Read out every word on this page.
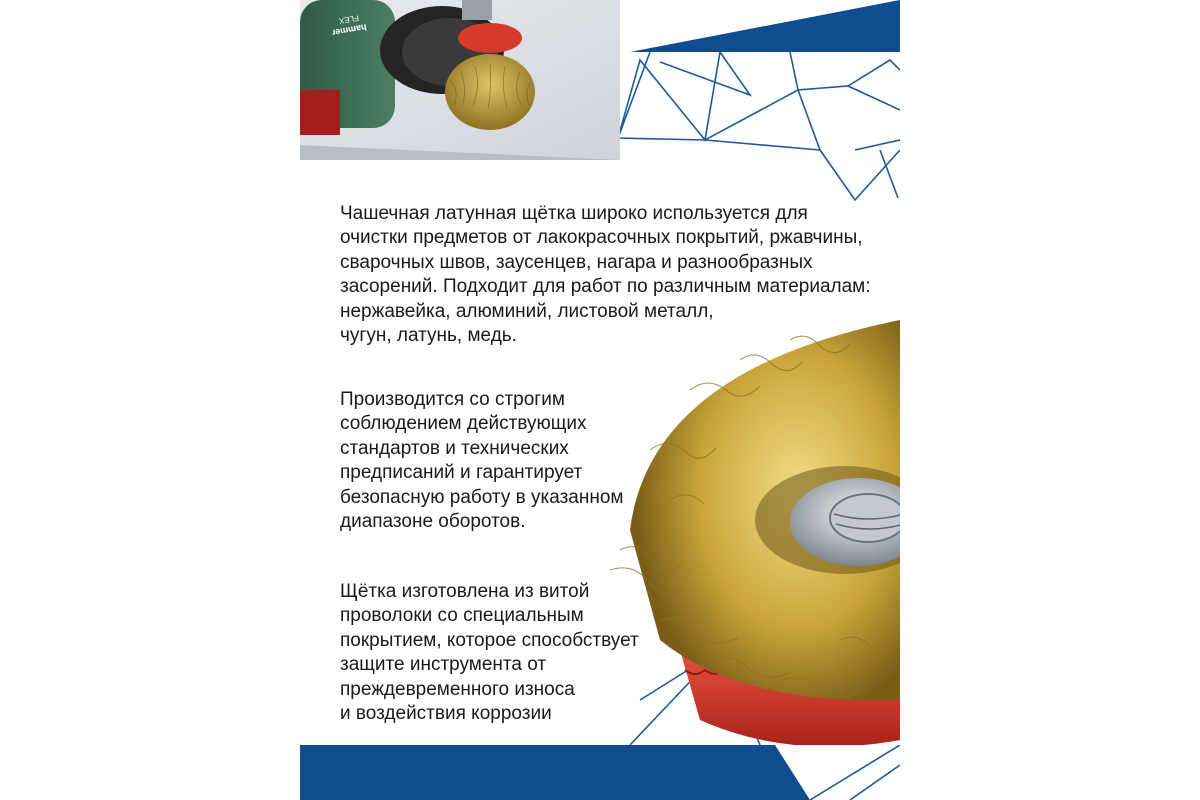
hammer
FLEX

Чашечная латунная щётка широко используется для
очистки предметов от лакокрасочных покрытий, ржавчины,
сварочных швов, заусенцев, нагара и разнообразных
засорений. Подходит для работ по различным материалам:
нержавейка, алюминий, листовой металл,
чугун, латунь, медь.

Производится со строгим
соблюдением действующих
стандартов и технических
предписаний и гарантирует
безопасную работу в указанном
диапазоне оборотов.

Щётка изготовлена из витой
проволоки со специальным
покрытием, которое способствует
защите инструмента от
преждевременного износа
и воздействия коррозии
